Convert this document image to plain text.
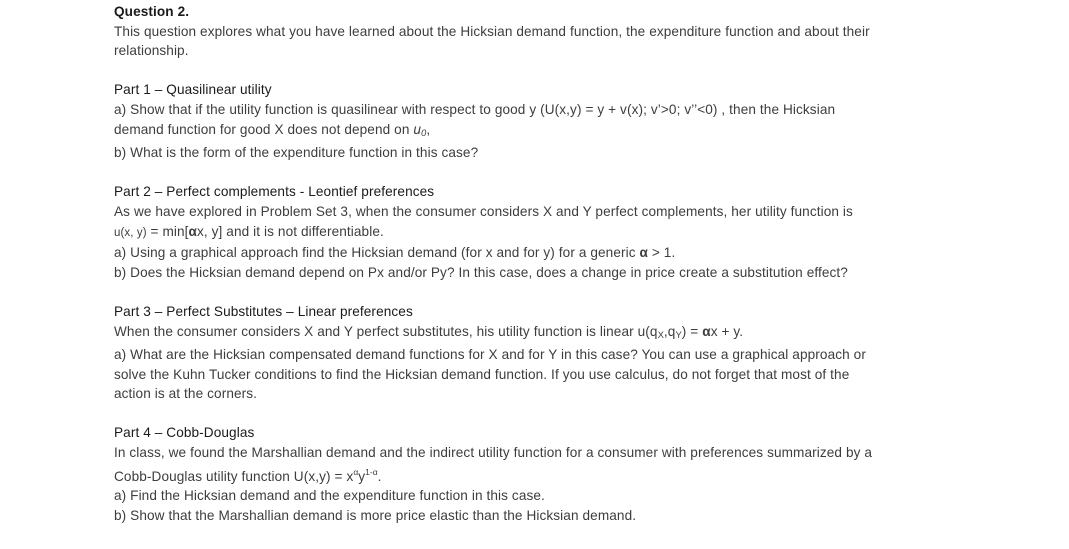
Question 2.

This question explores what you have learned about the Hicksian demand function, the expenditure function and about their
relationship.

Part 1 – Quasilinear utility

a) Show that if the utility function is quasilinear with respect to good y (U(x,y) = y + v(x); v’>0; v’’<0) , then the Hicksian
demand function for good X does not depend on $u_0$,
b) What is the form of the expenditure function in this case?

Part 2 – Perfect complements - Leontief preferences

As we have explored in Problem Set 3, when the consumer considers X and Y perfect complements, her utility function is
u(x, y) = min[αx, y] and it is not differentiable.
a) Using a graphical approach find the Hicksian demand (for x and for y) for a generic α > 1.
b) Does the Hicksian demand depend on Px and/or Py? In this case, does a change in price create a substitution effect?

Part 3 – Perfect Substitutes – Linear preferences

When the consumer considers X and Y perfect substitutes, his utility function is linear $u(q_X,q_Y) = \alpha x + y$.
a) What are the Hicksian compensated demand functions for X and for Y in this case? You can use a graphical approach or
solve the Kuhn Tucker conditions to find the Hicksian demand function. If you use calculus, do not forget that most of the
action is at the corners.

Part 4 – Cobb-Douglas

In class, we found the Marshallian demand and the indirect utility function for a consumer with preferences summarized by a
Cobb-Douglas utility function $U(x,y) = x^\alpha y^{1-\alpha}$.
a) Find the Hicksian demand and the expenditure function in this case.
b) Show that the Marshallian demand is more price elastic than the Hicksian demand.
